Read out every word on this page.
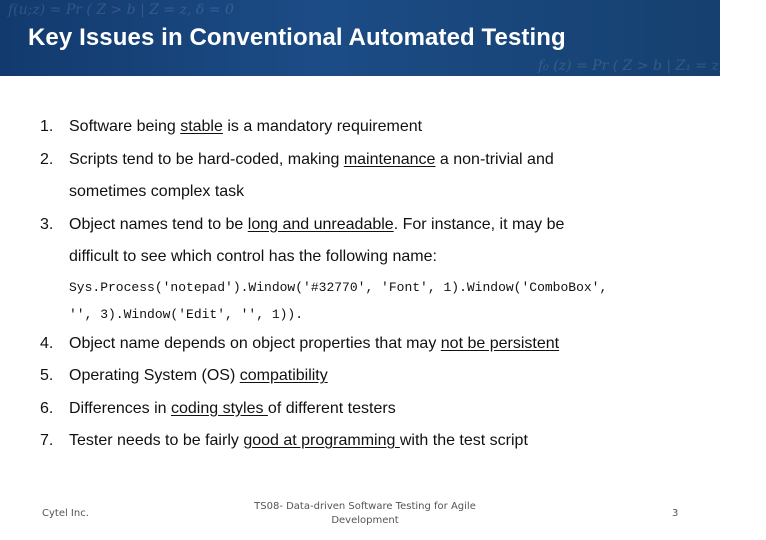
f(u;z) = Pr ( Z > b | Z = z, δ = 0
f₀ (z) = Pr ( Z > b | Z₁ = z, δ = 0
Key Issues in Conventional Automated Testing
1. Software being stable is a mandatory requirement
2. Scripts tend to be hard-coded, making maintenance a non-trivial and
sometimes complex task
3. Object names tend to be long and unreadable. For instance, it may be
difficult to see which control has the following name:
Sys.Process('notepad').Window('#32770', 'Font', 1).Window('ComboBox',
'', 3).Window('Edit', '', 1)).
4. Object name depends on object properties that may not be persistent
5. Operating System (OS) compatibility
6. Differences in coding styles of different testers
7. Tester needs to be fairly good at programming with the test script
Cytel Inc.
TS08- Data-driven Software Testing for Agile
Development
3
